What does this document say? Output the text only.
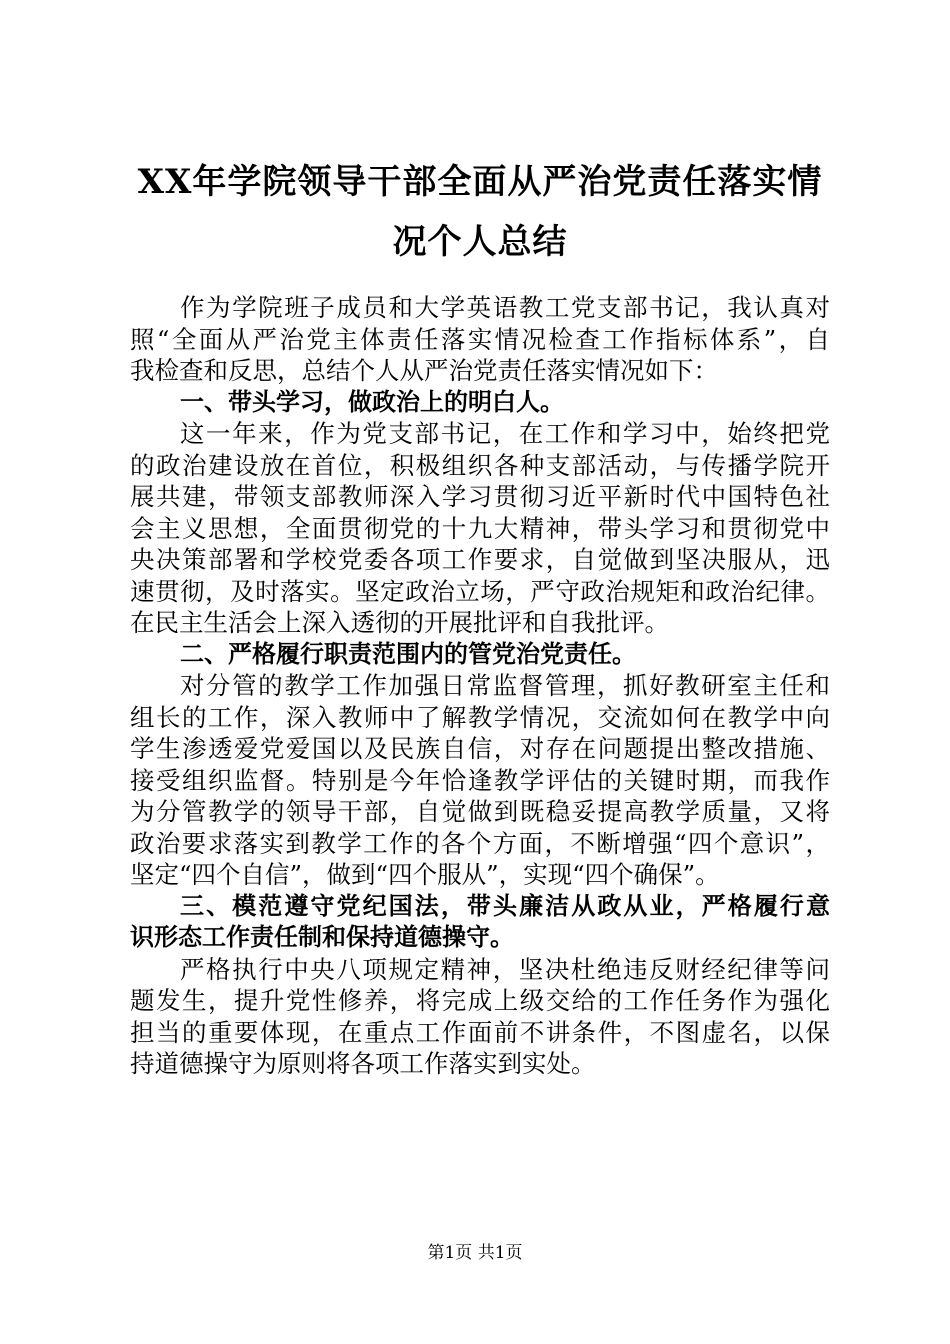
XX年学院领导干部全面从严治党责任落实情
况个人总结
作为学院班子成员和大学英语教工党支部书记，我认真对
照“全面从严治党主体责任落实情况检查工作指标体系”，自
我检查和反思，总结个人从严治党责任落实情况如下：
一、带头学习，做政治上的明白人。
这一年来，作为党支部书记，在工作和学习中，始终把党
的政治建设放在首位，积极组织各种支部活动，与传播学院开
展共建，带领支部教师深入学习贯彻习近平新时代中国特色社
会主义思想，全面贯彻党的十九大精神，带头学习和贯彻党中
央决策部署和学校党委各项工作要求，自觉做到坚决服从，迅
速贯彻，及时落实。坚定政治立场，严守政治规矩和政治纪律。
在民主生活会上深入透彻的开展批评和自我批评。
二、严格履行职责范围内的管党治党责任。
对分管的教学工作加强日常监督管理，抓好教研室主任和
组长的工作，深入教师中了解教学情况，交流如何在教学中向
学生渗透爱党爱国以及民族自信，对存在问题提出整改措施、
接受组织监督。特别是今年恰逢教学评估的关键时期，而我作
为分管教学的领导干部，自觉做到既稳妥提高教学质量，又将
政治要求落实到教学工作的各个方面，不断增强“四个意识”，
坚定“四个自信”，做到“四个服从”，实现“四个确保”。
三、模范遵守党纪国法，带头廉洁从政从业，严格履行意
识形态工作责任制和保持道德操守。
严格执行中央八项规定精神，坚决杜绝违反财经纪律等问
题发生，提升党性修养，将完成上级交给的工作任务作为强化
担当的重要体现，在重点工作面前不讲条件，不图虚名，以保
持道德操守为原则将各项工作落实到实处。
第1页 共1页
